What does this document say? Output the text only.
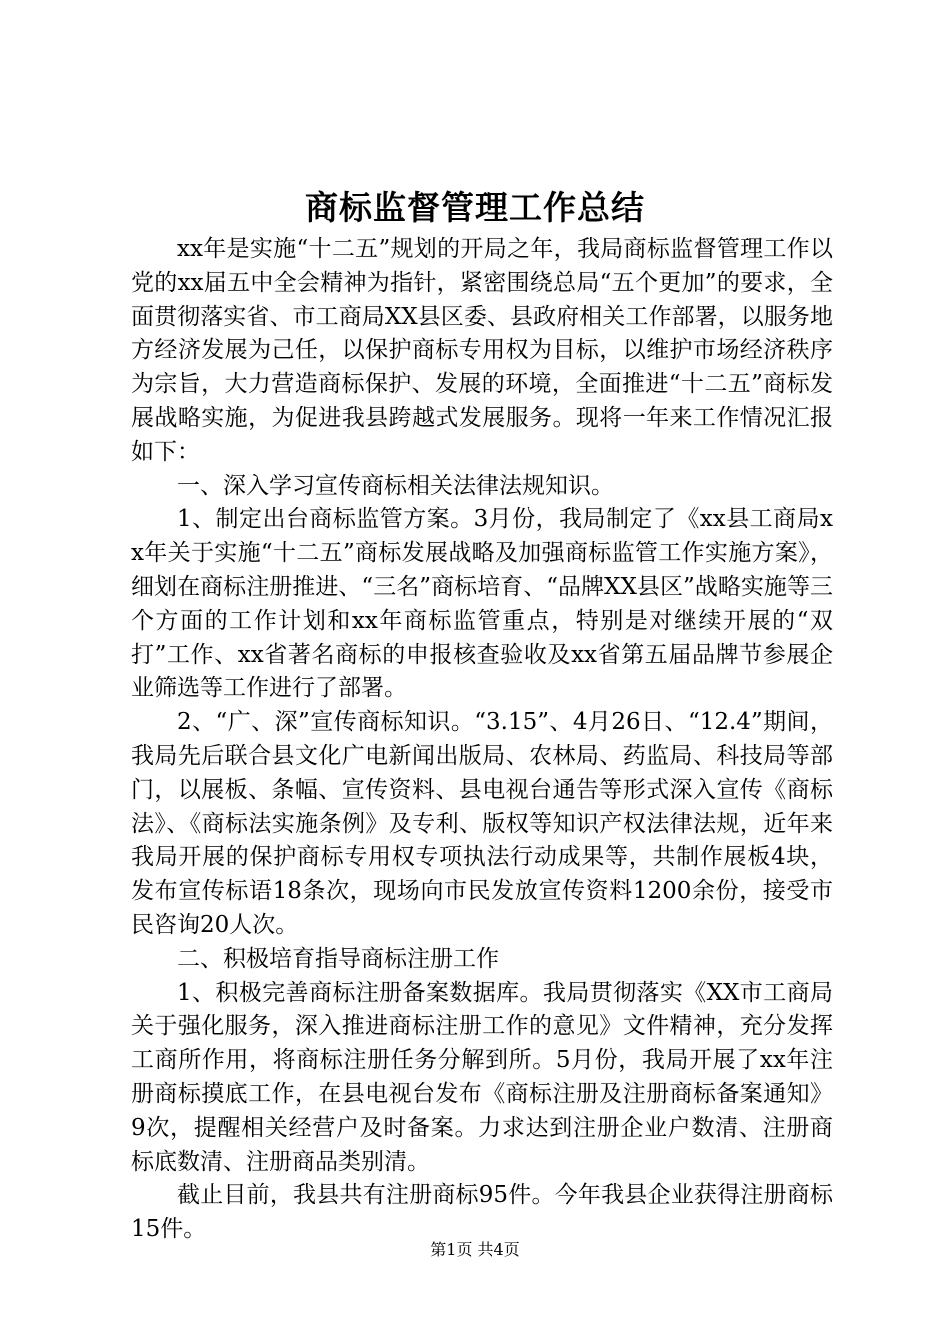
商标监督管理工作总结

xx年是实施“十二五”规划的开局之年，我局商标监督管理工作以党的xx届五中全会精神为指针，紧密围绕总局“五个更加”的要求，全面贯彻落实省、市工商局XX县区委、县政府相关工作部署，以服务地方经济发展为己任，以保护商标专用权为目标，以维护市场经济秩序为宗旨，大力营造商标保护、发展的环境，全面推进“十二五”商标发展战略实施，为促进我县跨越式发展服务。现将一年来工作情况汇报如下：

一、深入学习宣传商标相关法律法规知识。

1、制定出台商标监管方案。3月份，我局制定了《xx县工商局xx年关于实施“十二五”商标发展战略及加强商标监管工作实施方案》，细划在商标注册推进、“三名”商标培育、“品牌XX县区”战略实施等三个方面的工作计划和xx年商标监管重点，特别是对继续开展的“双打”工作、xx省著名商标的申报核查验收及xx省第五届品牌节参展企业筛选等工作进行了部署。

2、“广、深”宣传商标知识。“3.15”、4月26日、“12.4”期间，我局先后联合县文化广电新闻出版局、农林局、药监局、科技局等部门，以展板、条幅、宣传资料、县电视台通告等形式深入宣传《商标法》、《商标法实施条例》及专利、版权等知识产权法律法规，近年来我局开展的保护商标专用权专项执法行动成果等，共制作展板4块，发布宣传标语18条次，现场向市民发放宣传资料1200余份，接受市民咨询20人次。

二、积极培育指导商标注册工作

1、积极完善商标注册备案数据库。我局贯彻落实《XX市工商局关于强化服务，深入推进商标注册工作的意见》文件精神，充分发挥工商所作用，将商标注册任务分解到所。5月份，我局开展了xx年注册商标摸底工作，在县电视台发布《商标注册及注册商标备案通知》9次，提醒相关经营户及时备案。力求达到注册企业户数清、注册商标底数清、注册商品类别清。

截止目前，我县共有注册商标95件。今年我县企业获得注册商标15件。

第1页 共4页
